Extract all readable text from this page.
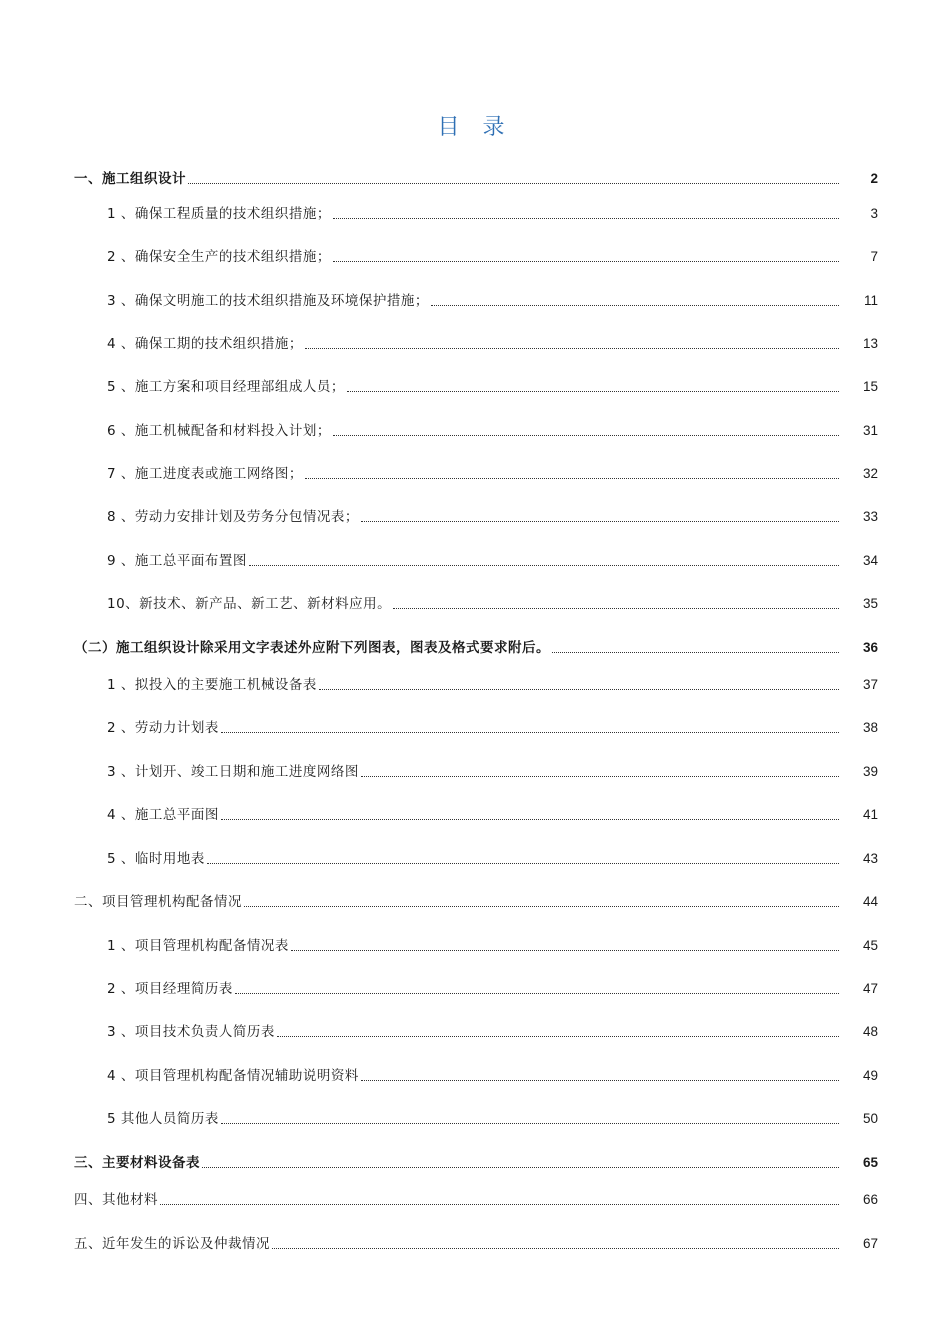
目 录
一、施工组织设计	2
1 、确保工程质量的技术组织措施；	3
2 、确保安全生产的技术组织措施；	7
3 、确保文明施工的技术组织措施及环境保护措施；	11
4 、确保工期的技术组织措施；	13
5 、施工方案和项目经理部组成人员；	15
6 、施工机械配备和材料投入计划；	31
7 、施工进度表或施工网络图；	32
8 、劳动力安排计划及劳务分包情况表；	33
9 、施工总平面布置图	34
10、新技术、新产品、新工艺、新材料应用。	35
（二）施工组织设计除采用文字表述外应附下列图表，图表及格式要求附后。	36
1 、拟投入的主要施工机械设备表	37
2 、劳动力计划表	38
3 、计划开、竣工日期和施工进度网络图	39
4 、施工总平面图	41
5 、临时用地表	43
二、项目管理机构配备情况	44
1 、项目管理机构配备情况表	45
2 、项目经理简历表	47
3 、项目技术负责人简历表	48
4 、项目管理机构配备情况辅助说明资料	49
5 其他人员简历表	50
三、主要材料设备表	65
四、其他材料	66
五、近年发生的诉讼及仲裁情况	67
